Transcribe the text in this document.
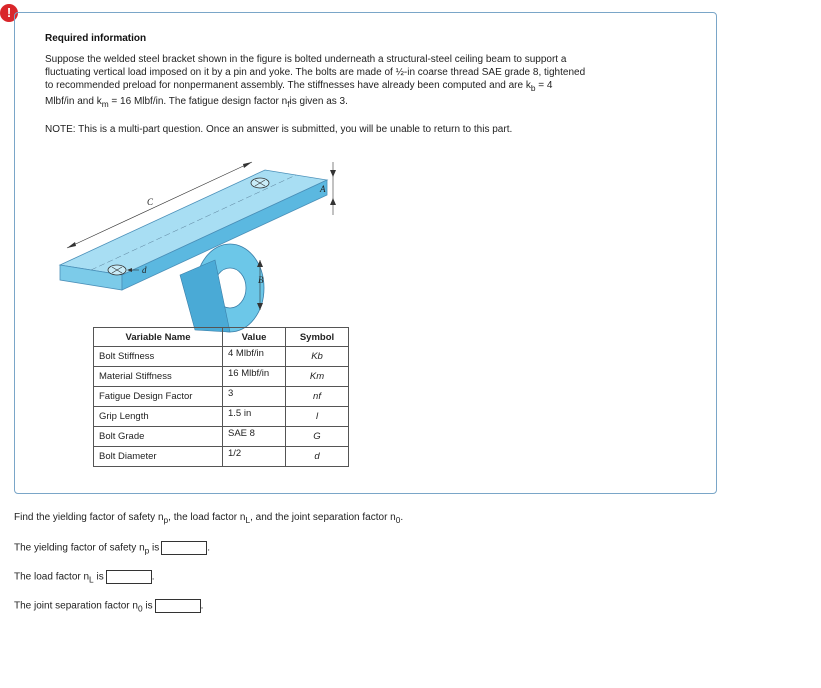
!
Required information
Suppose the welded steel bracket shown in the figure is bolted underneath a structural-steel ceiling beam to support a
fluctuating vertical load imposed on it by a pin and yoke. The bolts are made of ½-in coarse thread SAE grade 8, tightened
to recommended preload for nonpermanent assembly. The stiffnesses have already been computed and are $k_b = 4$
Mlbf/in and $k_m = 16$ Mlbf/in. The fatigue design factor $n_fis$ given as 3.
NOTE: This is a multi-part question. Once an answer is submitted, you will be unable to return to this part.
C
d
A
B
Variable Name	Value	Symbol
Bolt Stiffness	4 Mlbf/in	Kb
Material Stiffness	16 Mlbf/in	Km
Fatigue Design Factor	3	nf
Grip Length	1.5 in	l
Bolt Grade	SAE 8	G
Bolt Diameter	1/2	d
Find the yielding factor of safety $n_p$, the load factor $n_L$, and the joint separation factor $n_0$.
The yielding factor of safety $n_p$ is	.
The load factor $n_L$ is	.
The joint separation factor $n_0$ is	.
